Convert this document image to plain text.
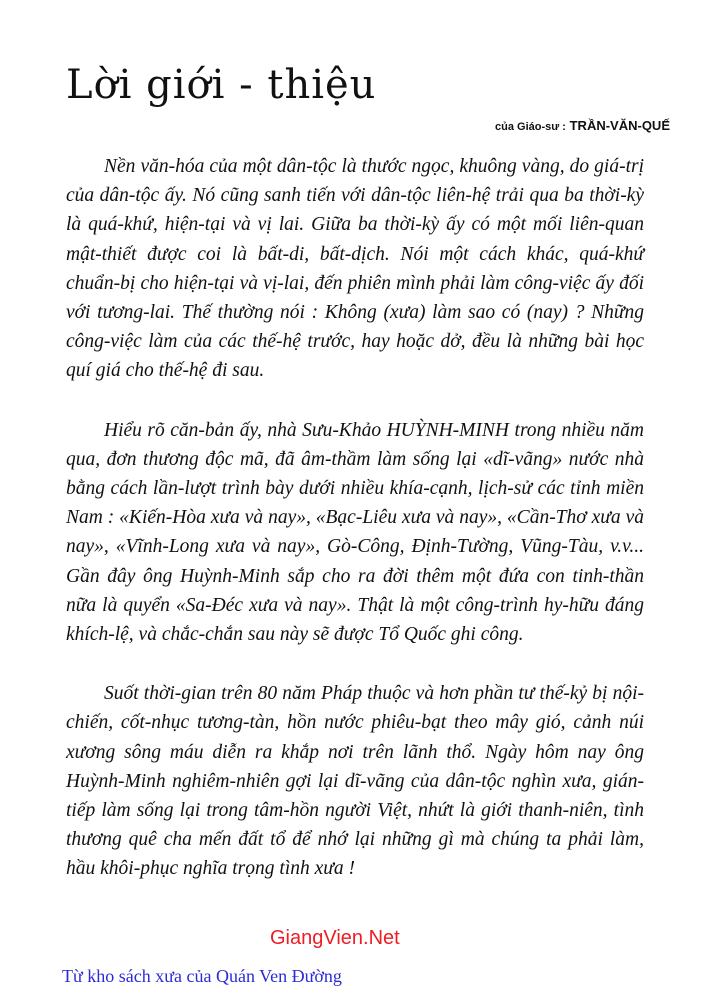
Lời giới - thiệu
của Giáo-sư : TRẦN-VĂN-QUẾ

Nền văn-hóa của một dân-tộc là thước ngọc, khuông vàng, do giá-trị của dân-tộc ấy. Nó cũng sanh tiến với dân-tộc liên-hệ trải qua ba thời-kỳ là quá-khứ, hiện-tại và vị lai. Giữa ba thời-kỳ ấy có một mối liên-quan mật-thiết được coi là bất-di, bất-dịch. Nói một cách khác, quá-khứ chuẩn-bị cho hiện-tại và vị-lai, đến phiên mình phải làm công-việc ấy đối với tương-lai. Thế thường nói : Không (xưa) làm sao có (nay) ? Những công-việc làm của các thế-hệ trước, hay hoặc dở, đều là những bài học quí giá cho thế-hệ đi sau.

Hiểu rõ căn-bản ấy, nhà Sưu-Khảo HUỲNH-MINH trong nhiều năm qua, đơn thương độc mã, đã âm-thầm làm sống lại «dĩ-vãng» nước nhà bằng cách lần-lượt trình bày dưới nhiều khía-cạnh, lịch-sử các tỉnh miền Nam : «Kiến-Hòa xưa và nay», «Bạc-Liêu xưa và nay», «Cần-Thơ xưa và nay», «Vĩnh-Long xưa và nay», Gò-Công, Định-Tường, Vũng-Tàu, v.v... Gần đây ông Huỳnh-Minh sắp cho ra đời thêm một đứa con tinh-thần nữa là quyển «Sa-Đéc xưa và nay». Thật là một công-trình hy-hữu đáng khích-lệ, và chắc-chắn sau này sẽ được Tổ Quốc ghi công.

Suốt thời-gian trên 80 năm Pháp thuộc và hơn phần tư thế-kỷ bị nội-chiến, cốt-nhục tương-tàn, hồn nước phiêu-bạt theo mây gió, cảnh núi xương sông máu diễn ra khắp nơi trên lãnh thổ. Ngày hôm nay ông Huỳnh-Minh nghiêm-nhiên gợi lại dĩ-vãng của dân-tộc nghìn xưa, gián-tiếp làm sống lại trong tâm-hồn người Việt, nhứt là giới thanh-niên, tình thương quê cha mến đất tổ để nhớ lại những gì mà chúng ta phải làm, hầu khôi-phục nghĩa trọng tình xưa !

GiangVien.Net
Từ kho sách xưa của Quán Ven Đường
